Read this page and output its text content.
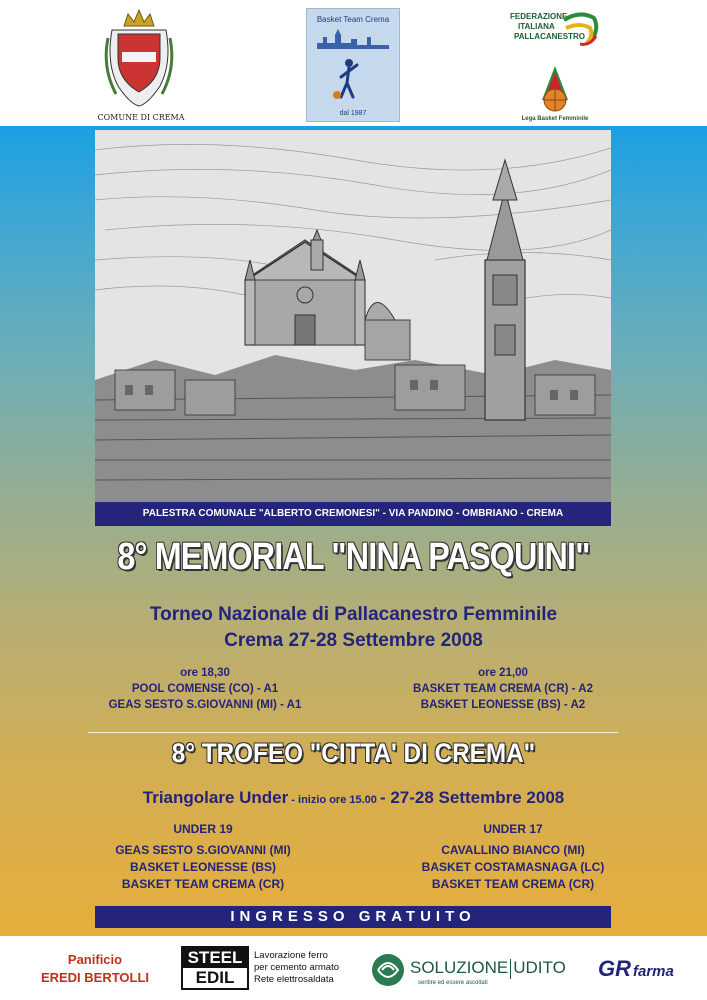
COMUNE DI CREMA
Basket Team Crema
dal 1987
FEDERAZIONE
ITALIANA
PALLACANESTRO
Lega Basket Femminile
PALESTRA COMUNALE "ALBERTO CREMONESI" - VIA PANDINO - OMBRIANO - CREMA
8° MEMORIAL "NINA PASQUINI"
Torneo Nazionale di Pallacanestro Femminile
Crema 27-28 Settembre 2008
ore 18,30
POOL COMENSE (CO) - A1
GEAS SESTO S.GIOVANNI (MI) - A1
ore 21,00
BASKET TEAM CREMA (CR) - A2
BASKET LEONESSE (BS) - A2
8° TROFEO "CITTA' DI CREMA"
Triangolare Under - inizio ore 15.00 - 27-28 Settembre 2008
UNDER 19
GEAS SESTO S.GIOVANNI (MI)
BASKET LEONESSE (BS)
BASKET TEAM CREMA (CR)
UNDER 17
CAVALLINO BIANCO (MI)
BASKET COSTAMASNAGA (LC)
BASKET TEAM CREMA (CR)
INGRESSO GRATUITO
Panificio
EREDI BERTOLLI
STEEL
EDIL
Lavorazione ferro
per cemento armato
Rete elettrosaldata
SOLUZIONE UDITO
sentire ed essere ascoltati
GR farma
